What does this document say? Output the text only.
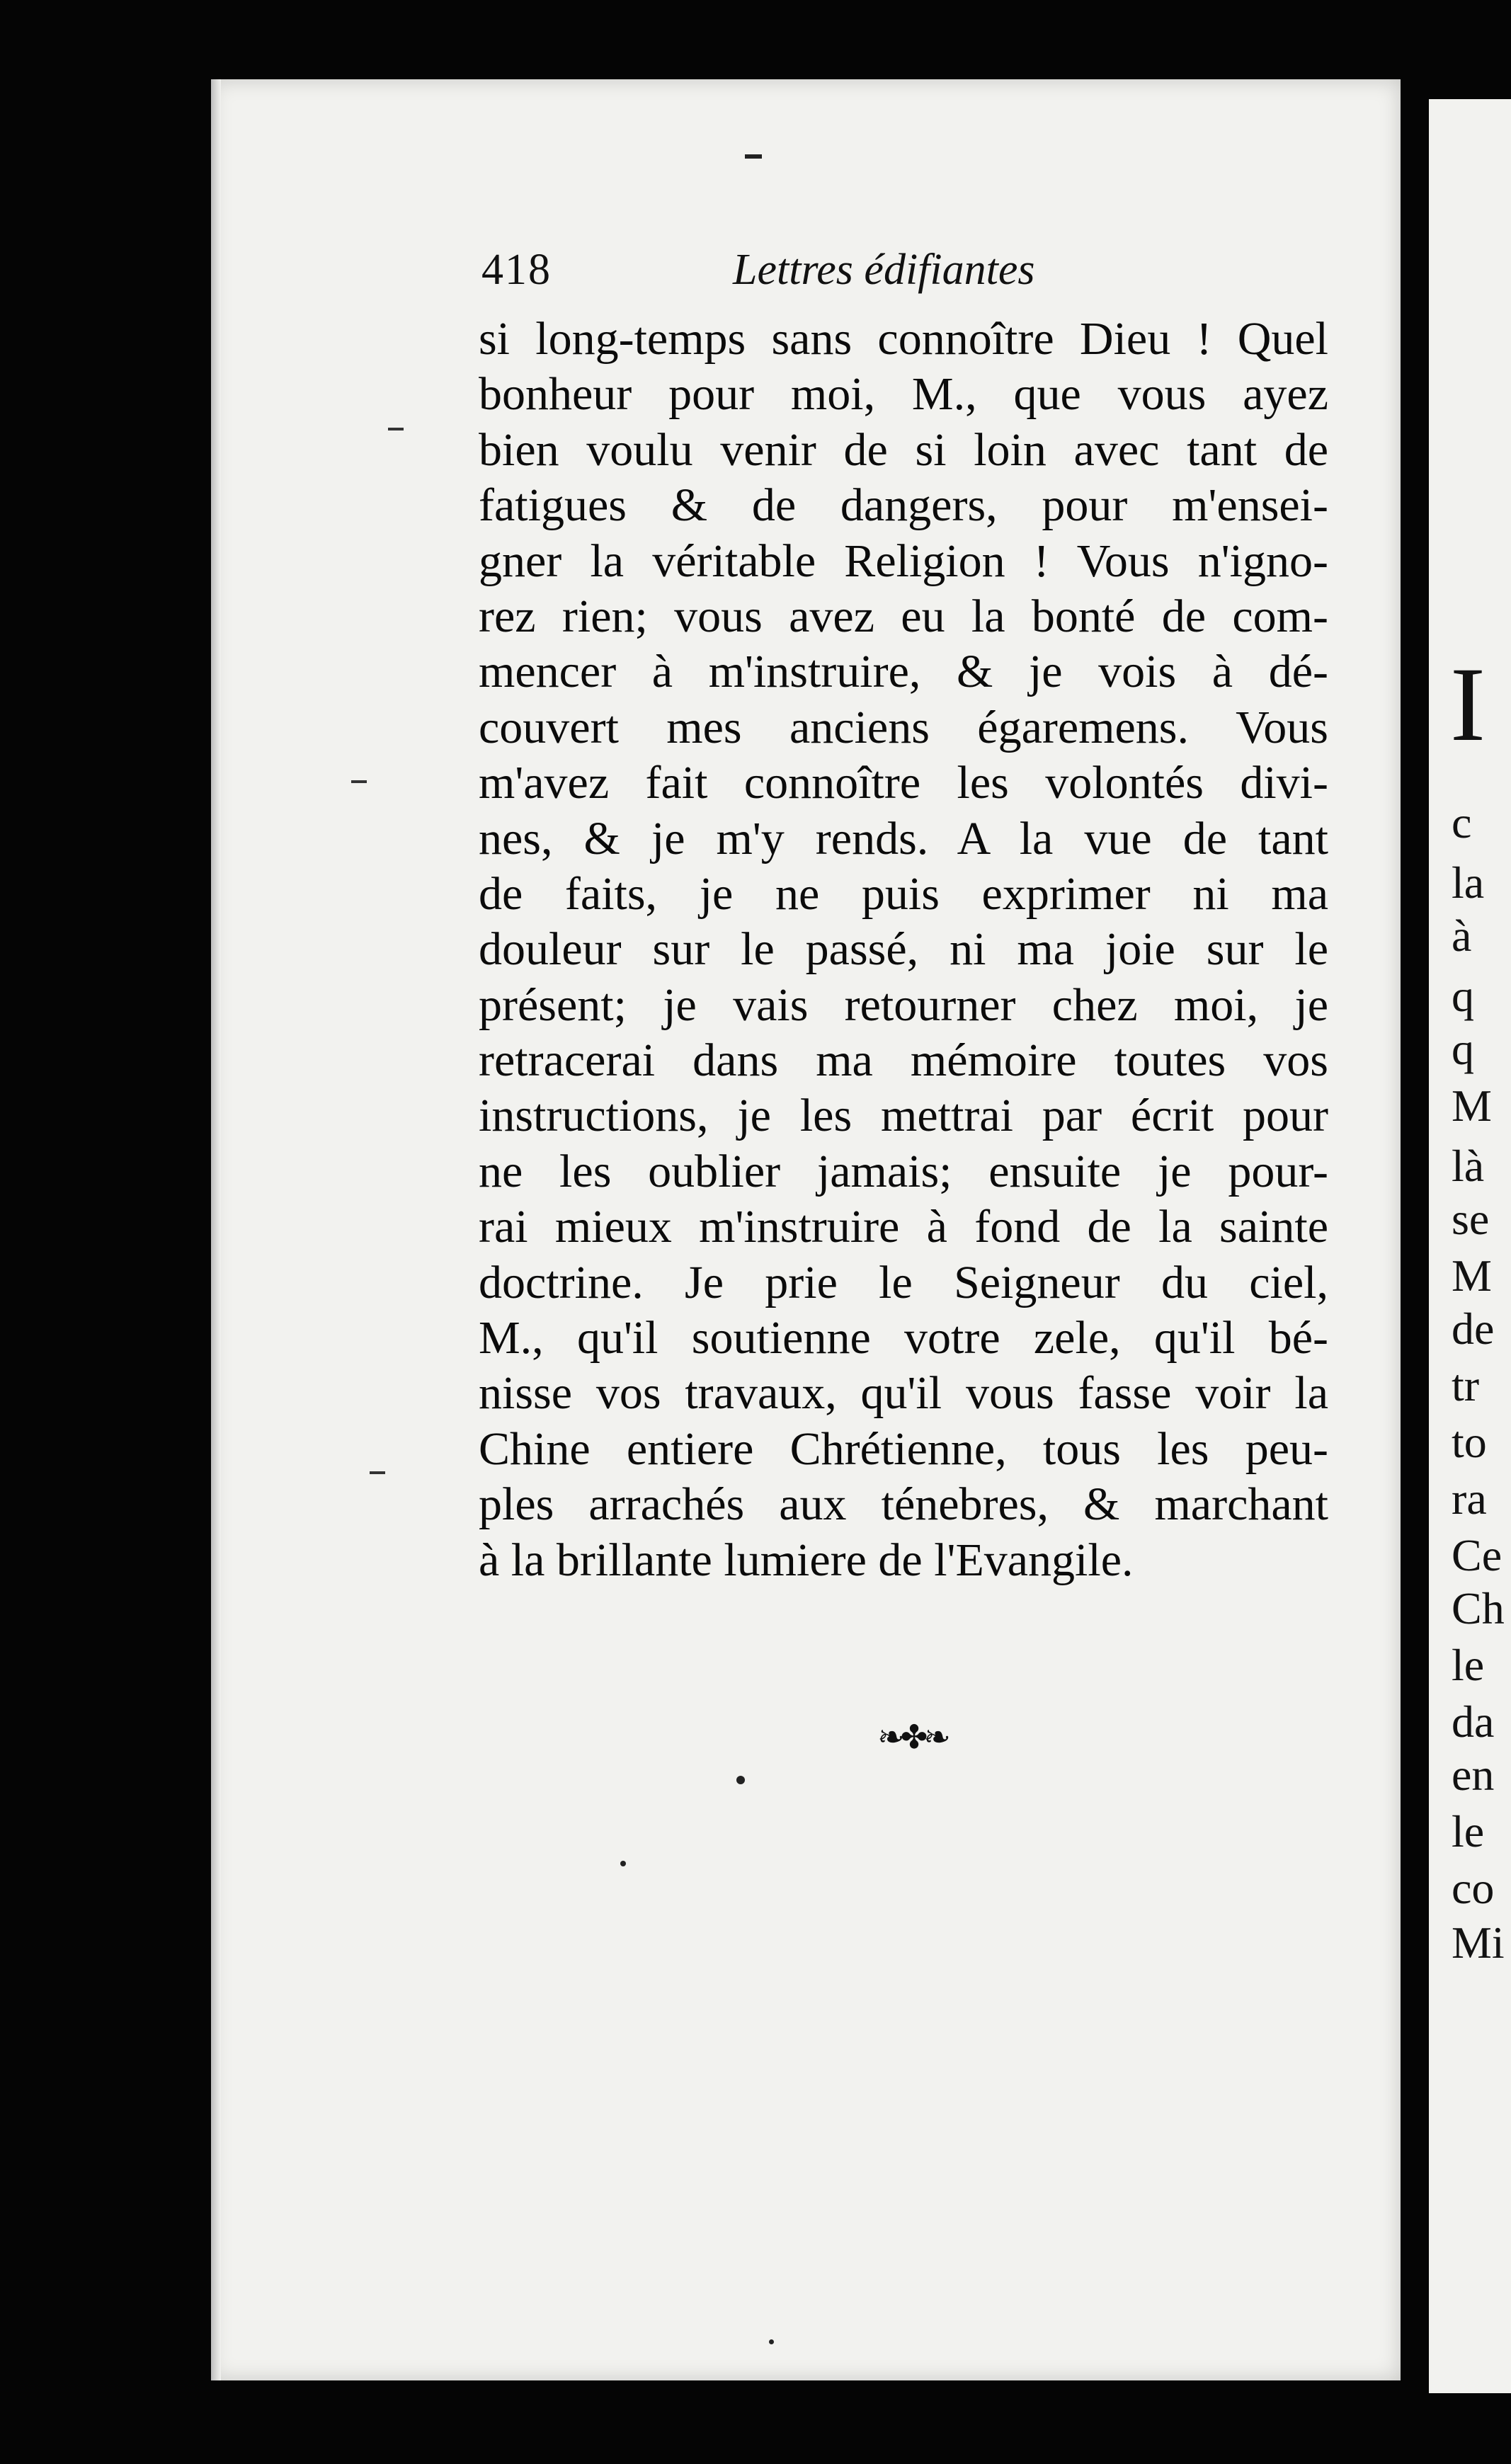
I
c
la
à
q
q
M
là
se
M
de
tr
to
ra
Ce
Ch
le
da
en
le
co
Mi
418	Lettres édifiantes
si long-temps sans connoître Dieu ! Quel
bonheur pour moi, M., que vous ayez
bien voulu venir de si loin avec tant de
fatigues & de dangers, pour m'ensei-
gner la véritable Religion ! Vous n'igno-
rez rien; vous avez eu la bonté de com-
mencer à m'instruire, & je vois à dé-
couvert mes anciens égaremens. Vous
m'avez fait connoître les volontés divi-
nes, & je m'y rends. A la vue de tant
de faits, je ne puis exprimer ni ma
douleur sur le passé, ni ma joie sur le
présent; je vais retourner chez moi, je
retracerai dans ma mémoire toutes vos
instructions, je les mettrai par écrit pour
ne les oublier jamais; ensuite je pour-
rai mieux m'instruire à fond de la sainte
doctrine. Je prie le Seigneur du ciel,
M., qu'il soutienne votre zele, qu'il bé-
nisse vos travaux, qu'il vous fasse voir la
Chine entiere Chrétienne, tous les peu-
ples arrachés aux ténebres, & marchant
à la brillante lumiere de l'Evangile.

❧✤❧
